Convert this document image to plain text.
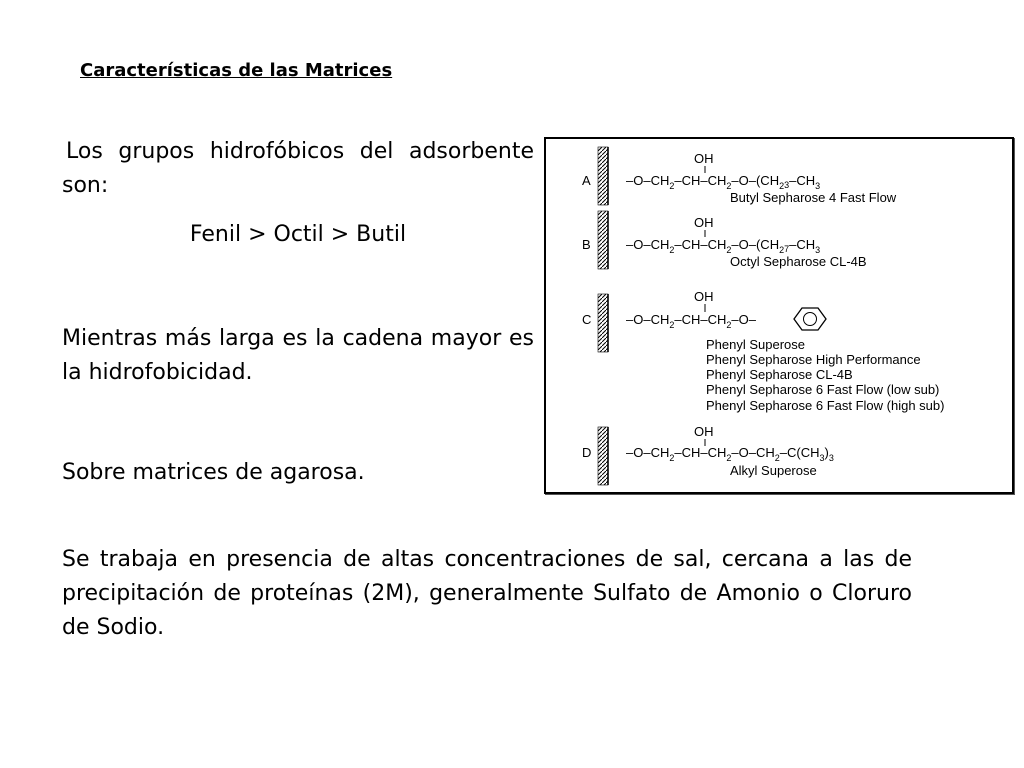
Características de las Matrices
Los grupos hidrofóbicos del adsorbente son:
Fenil > Octil > Butil
Mientras más larga es la cadena mayor es la hidrofobicidad.
Sobre matrices de agarosa.
Se trabaja en presencia de altas concentraciones de sal, cercana a las de precipitación de proteínas (2M), generalmente Sulfato de Amonio o Cloruro de Sodio.
A
OH
$-O-CH_2-CH-CH_2-O-(CH_23-CH_3$
Butyl Sepharose 4 Fast Flow
B
OH
$-O-CH_2-CH-CH_2-O-(CH_27-CH_3$
Octyl Sepharose CL-4B
C
OH
$-O-CH_2-CH-CH_2-O-$
Phenyl Superose
Phenyl Sepharose High Performance
Phenyl Sepharose CL-4B
Phenyl Sepharose 6 Fast Flow (low sub)
Phenyl Sepharose 6 Fast Flow (high sub)
D
OH
$-O-CH_2-CH-CH_2-O-CH_2-C(CH_3)_3$
Alkyl Superose
